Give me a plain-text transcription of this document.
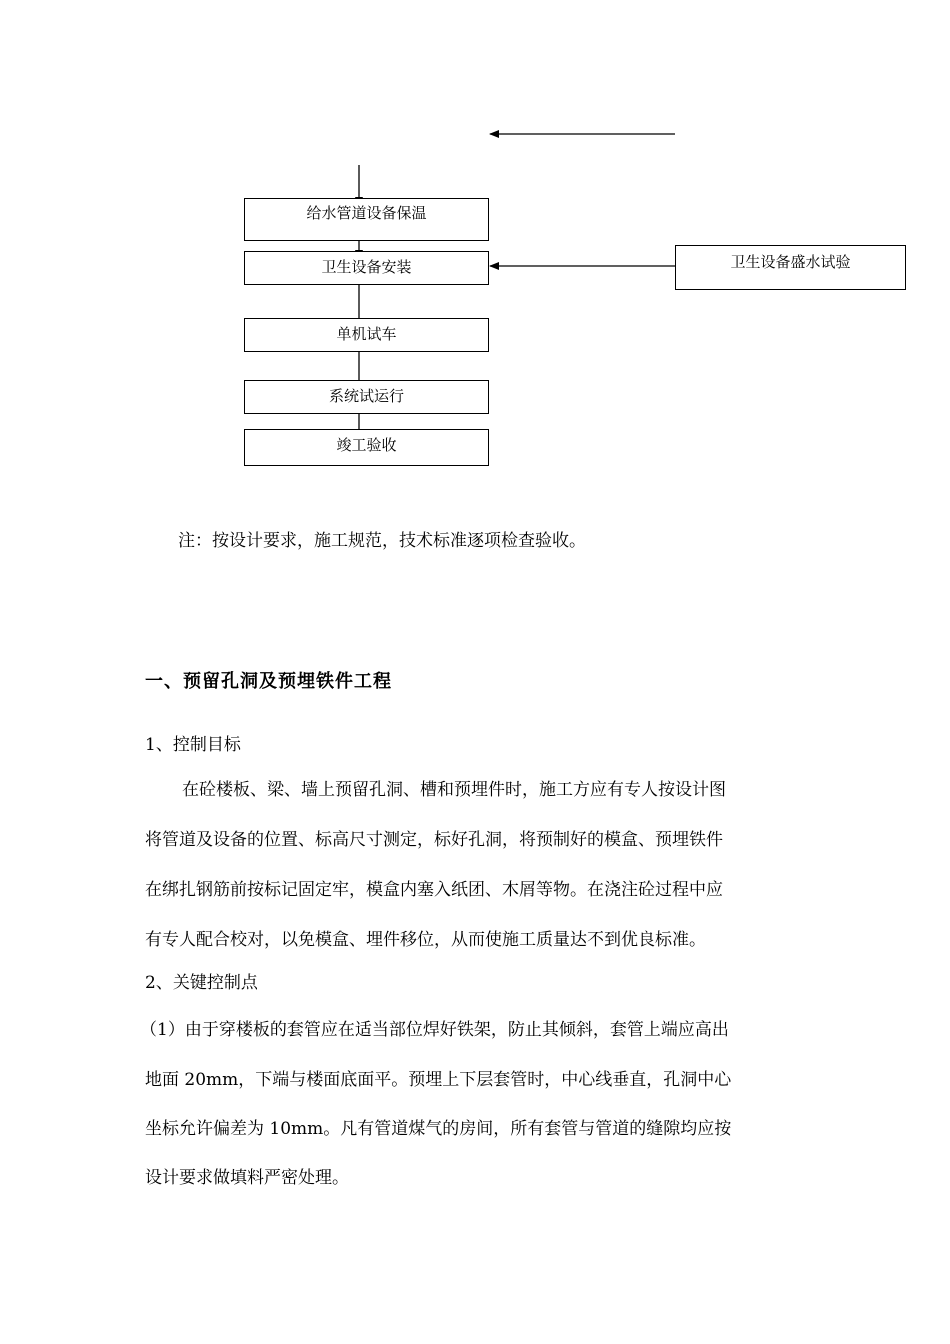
给水管道设备保温
卫生设备安装
单机试车
系统试运行
竣工验收
卫生设备盛水试验
注：按设计要求，施工规范，技术标准逐项检查验收。
一、预留孔洞及预埋铁件工程
1、控制目标
在砼楼板、梁、墙上预留孔洞、槽和预埋件时，施工方应有专人按设计图
将管道及设备的位置、标高尺寸测定，标好孔洞，将预制好的模盒、预埋铁件
在绑扎钢筋前按标记固定牢，模盒内塞入纸团、木屑等物。在浇注砼过程中应
有专人配合校对，以免模盒、埋件移位，从而使施工质量达不到优良标准。
2、关键控制点
（1）由于穿楼板的套管应在适当部位焊好铁架，防止其倾斜，套管上端应高出
地面 20mm，下端与楼面底面平。预埋上下层套管时，中心线垂直，孔洞中心
坐标允许偏差为 10mm。凡有管道煤气的房间，所有套管与管道的缝隙均应按
设计要求做填料严密处理。
